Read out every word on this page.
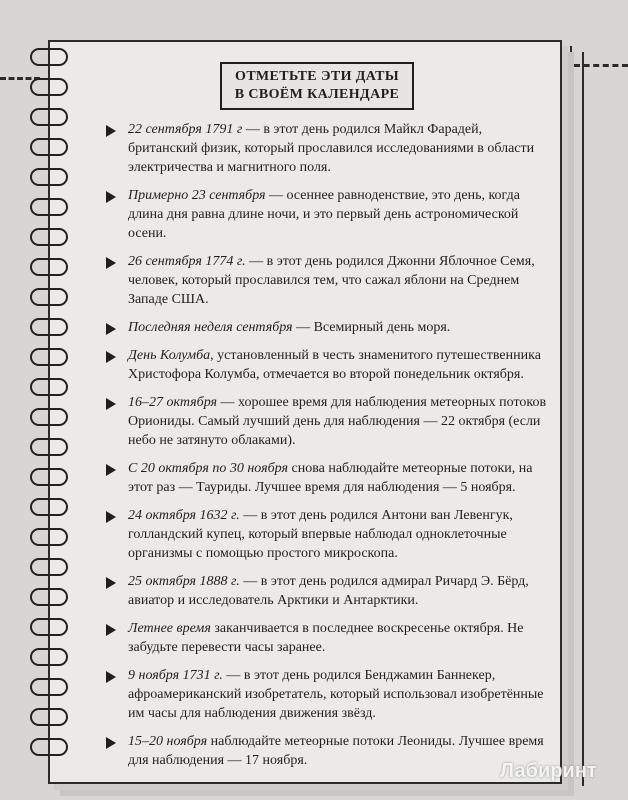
ОТМЕТЬТЕ ЭТИ ДАТЫ
В СВОЁМ КАЛЕНДАРЕ
22 сентября 1791 г — в этот день родился Майкл Фарадей, британский физик, который прославился исследованиями в области электричества и магнитного поля.
Примерно 23 сентября — осеннее равноденствие, это день, когда длина дня равна длине ночи, и это первый день астрономической осени.
26 сентября 1774 г. — в этот день родился Джонни Яблочное Семя, человек, который прославился тем, что сажал яблони на Среднем Западе США.
Последняя неделя сентября — Всемирный день моря.
День Колумба, установленный в честь знаменитого путешественника Христофора Колумба, отмечается во второй понедельник октября.
16–27 октября — хорошее время для наблюдения метеорных потоков Ориониды. Самый лучший день для наблюдения — 22 октября (если небо не затянуто облаками).
С 20 октября по 30 ноября снова наблюдайте метеорные потоки, на этот раз — Тауриды. Лучшее время для наблюдения — 5 ноября.
24 октября 1632 г. — в этот день родился Антони ван Левенгук, голландский купец, который впервые наблюдал одноклеточные организмы с помощью простого микроскопа.
25 октября 1888 г. — в этот день родился адмирал Ричард Э. Бёрд, авиатор и исследователь Арктики и Антарктики.
Летнее время заканчивается в последнее воскресенье октября. Не забудьте перевести часы заранее.
9 ноября 1731 г. — в этот день родился Бенджамин Баннекер, афроамериканский изобретатель, который использовал изобретённые им часы для наблюдения движения звёзд.
15–20 ноября наблюдайте метеорные потоки Леониды. Лучшее время для наблюдения — 17 ноября.	Лабиринт
